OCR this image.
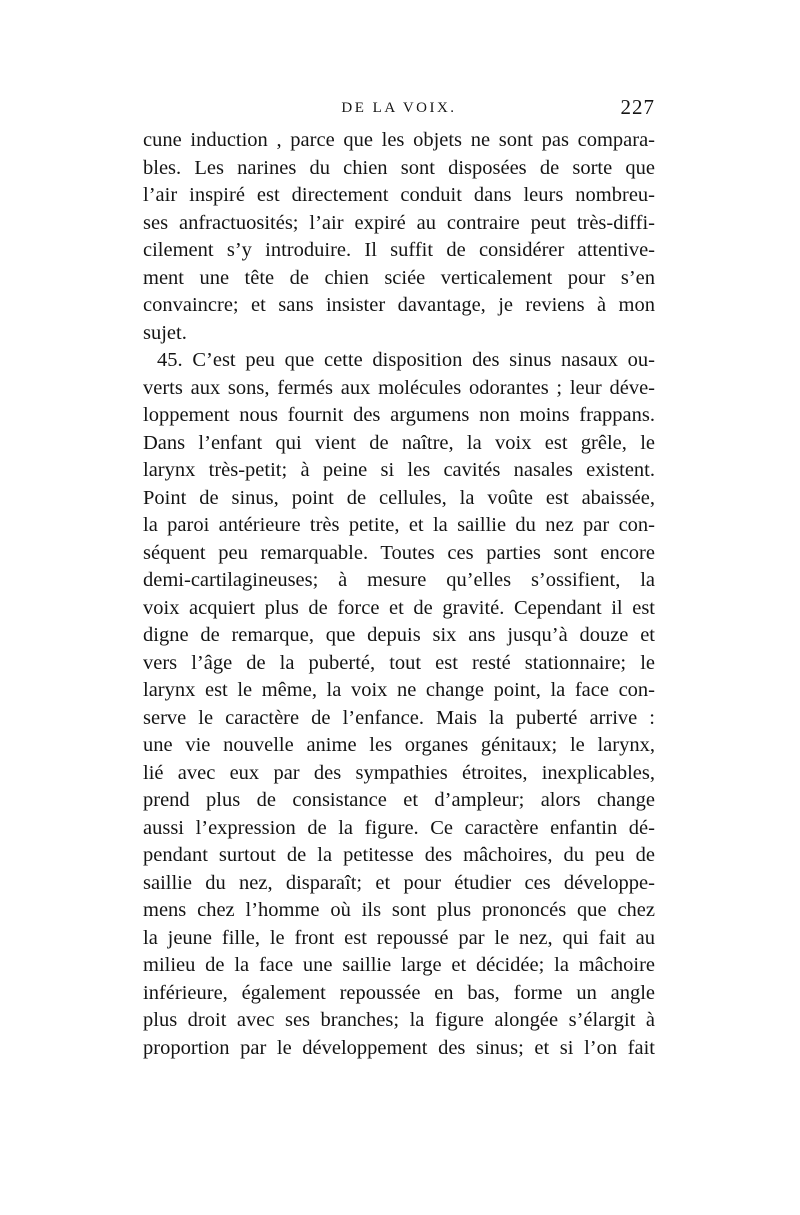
DE LA VOIX.	227
cune induction , parce que les objets ne sont pas compara-
bles. Les narines du chien sont disposées de sorte que
l’air inspiré est directement conduit dans leurs nombreu-
ses anfractuosités; l’air expiré au contraire peut très-diffi-
cilement s’y introduire. Il suffit de considérer attentive-
ment une tête de chien sciée verticalement pour s’en
convaincre; et sans insister davantage, je reviens à mon
sujet.
45. C’est peu que cette disposition des sinus nasaux ou-
verts aux sons, fermés aux molécules odorantes ; leur déve-
loppement nous fournit des argumens non moins frappans.
Dans l’enfant qui vient de naître, la voix est grêle, le
larynx très-petit; à peine si les cavités nasales existent.
Point de sinus, point de cellules, la voûte est abaissée,
la paroi antérieure très petite, et la saillie du nez par con-
séquent peu remarquable. Toutes ces parties sont encore
demi-cartilagineuses; à mesure qu’elles s’ossifient, la
voix acquiert plus de force et de gravité. Cependant il est
digne de remarque, que depuis six ans jusqu’à douze et
vers l’âge de la puberté, tout est resté stationnaire; le
larynx est le même, la voix ne change point, la face con-
serve le caractère de l’enfance. Mais la puberté arrive :
une vie nouvelle anime les organes génitaux; le larynx,
lié avec eux par des sympathies étroites, inexplicables,
prend plus de consistance et d’ampleur; alors change
aussi l’expression de la figure. Ce caractère enfantin dé-
pendant surtout de la petitesse des mâchoires, du peu de
saillie du nez, disparaît; et pour étudier ces développe-
mens chez l’homme où ils sont plus prononcés que chez
la jeune fille, le front est repoussé par le nez, qui fait au
milieu de la face une saillie large et décidée; la mâchoire
inférieure, également repoussée en bas, forme un angle
plus droit avec ses branches; la figure alongée s’élargit à
proportion par le développement des sinus; et si l’on fait
